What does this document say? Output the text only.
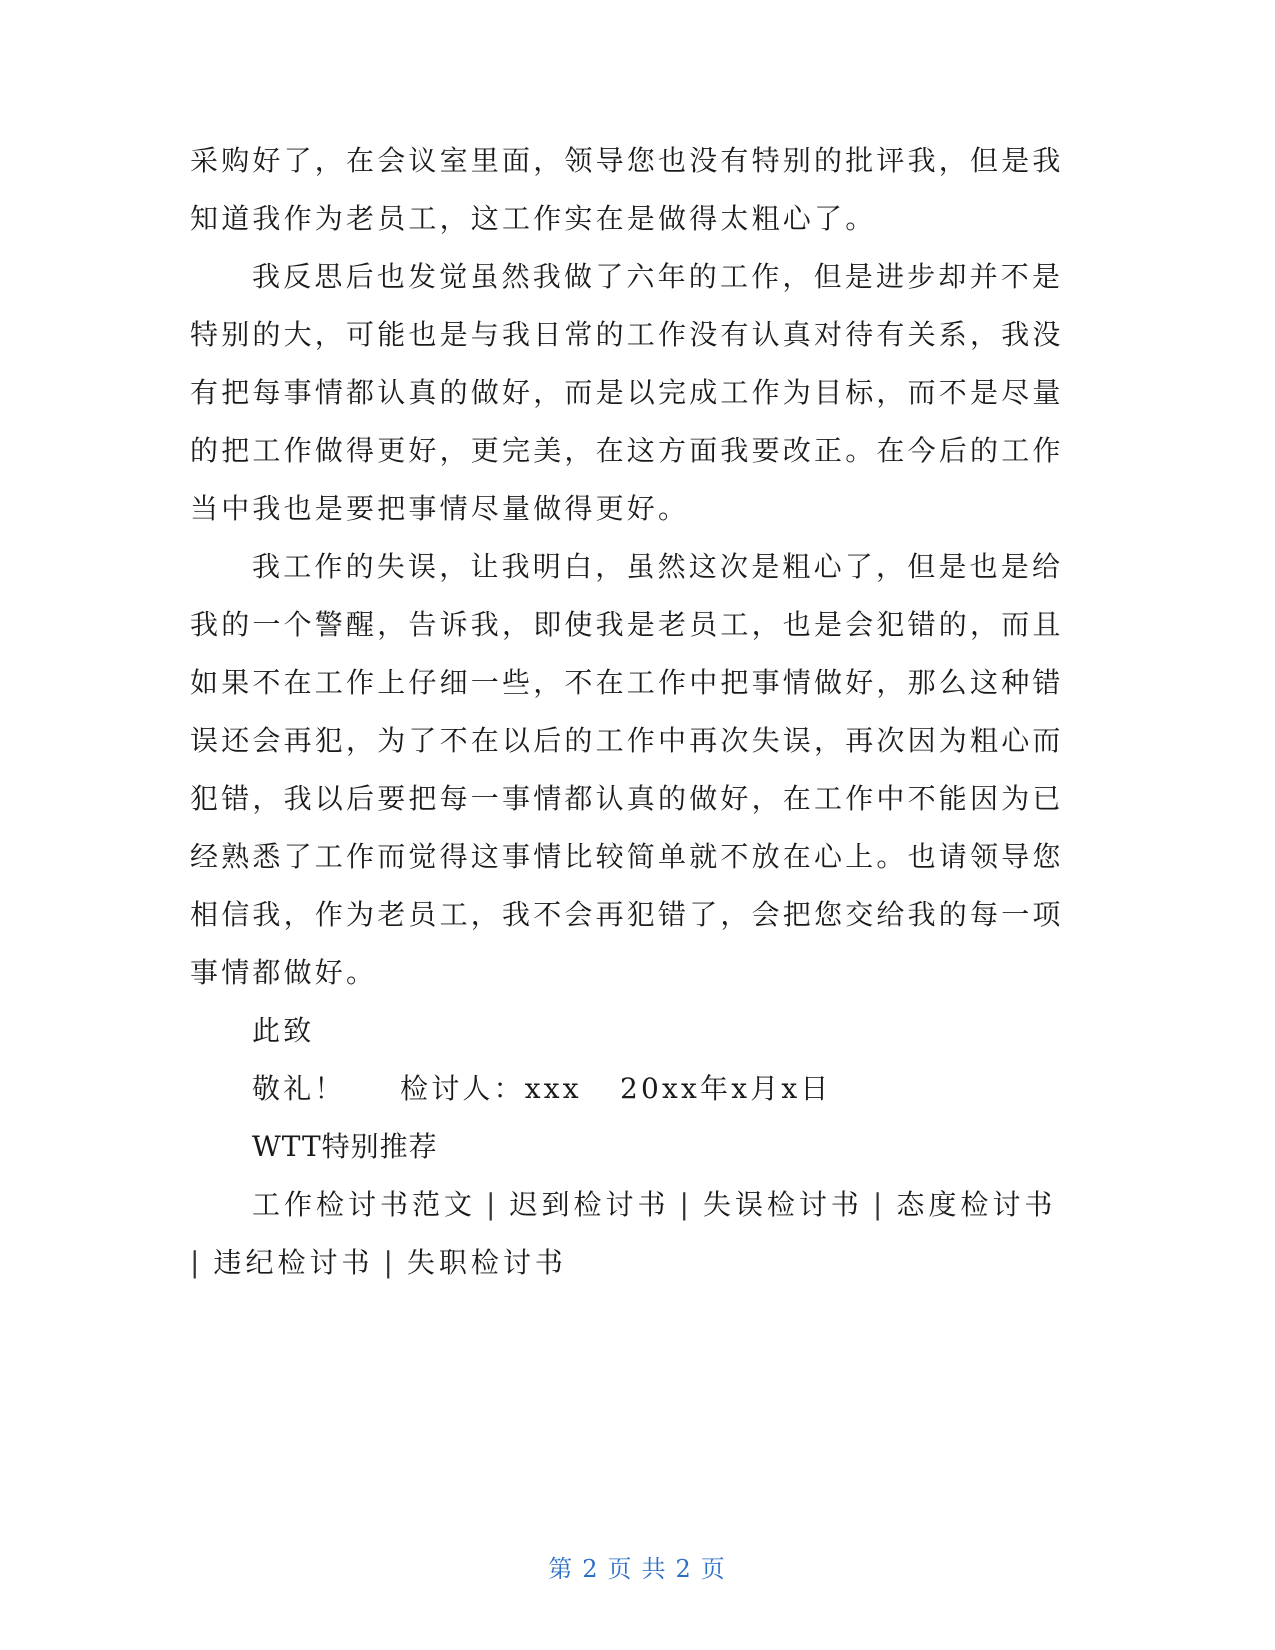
采购好了，在会议室里面，领导您也没有特别的批评我，但是我
知道我作为老员工，这工作实在是做得太粗心了。
我反思后也发觉虽然我做了六年的工作，但是进步却并不是
特别的大，可能也是与我日常的工作没有认真对待有关系，我没
有把每事情都认真的做好，而是以完成工作为目标，而不是尽量
的把工作做得更好，更完美，在这方面我要改正。在今后的工作
当中我也是要把事情尽量做得更好。
我工作的失误，让我明白，虽然这次是粗心了，但是也是给
我的一个警醒，告诉我，即使我是老员工，也是会犯错的，而且
如果不在工作上仔细一些，不在工作中把事情做好，那么这种错
误还会再犯，为了不在以后的工作中再次失误，再次因为粗心而
犯错，我以后要把每一事情都认真的做好，在工作中不能因为已
经熟悉了工作而觉得这事情比较简单就不放在心上。也请领导您
相信我，作为老员工，我不会再犯错了，会把您交给我的每一项
事情都做好。
此致
敬礼！ 检讨人：xxx 20xx年x月x日
WTT特别推荐
工作检讨书范文 | 迟到检讨书 | 失误检讨书 | 态度检讨书
| 违纪检讨书 | 失职检讨书
第 2 页 共 2 页
